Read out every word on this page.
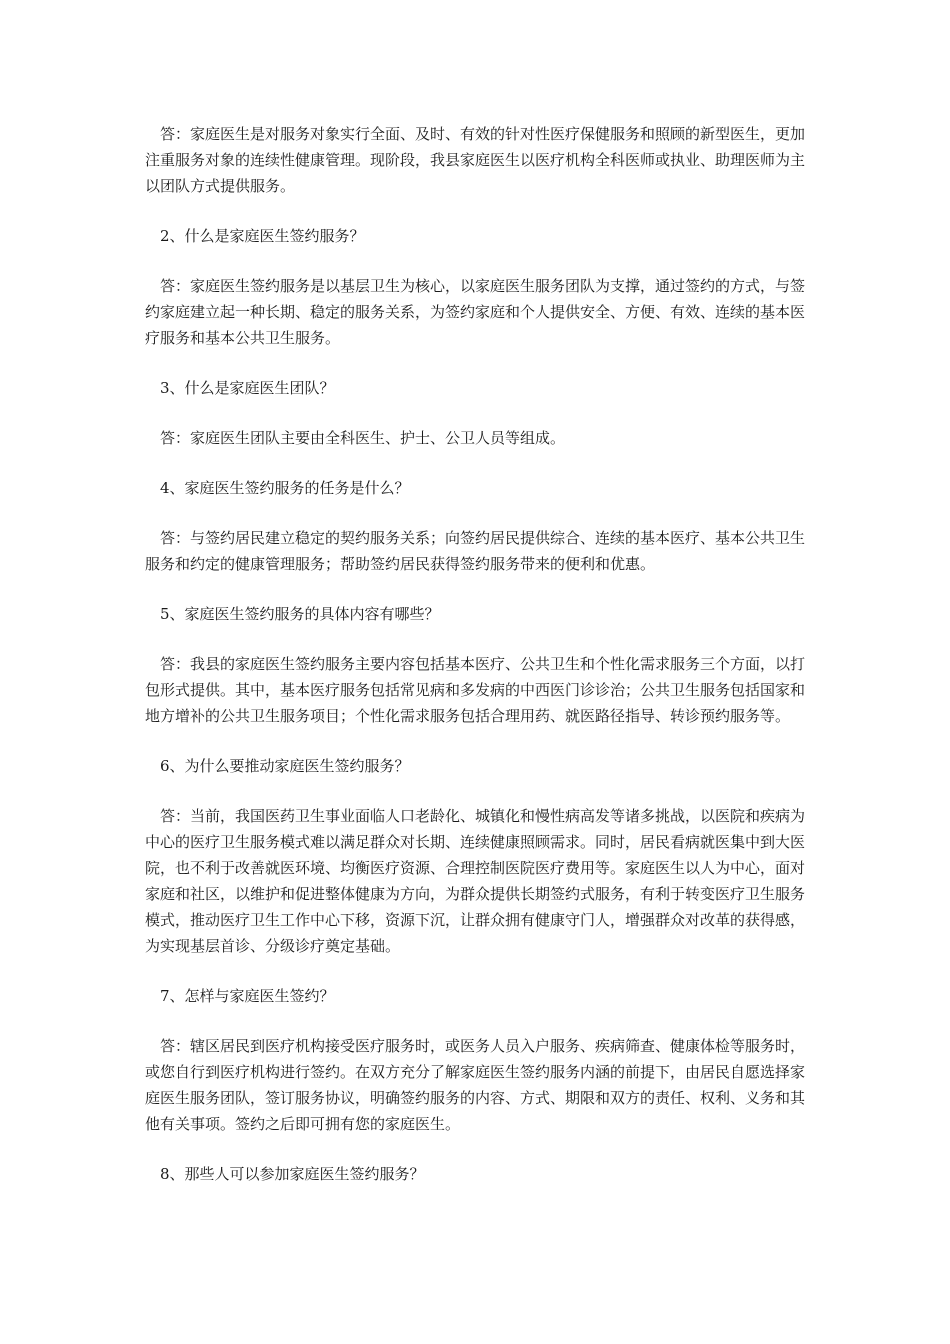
答：家庭医生是对服务对象实行全面、及时、有效的针对性医疗保健服务和照顾的新型医生，更加注重服务对象的连续性健康管理。现阶段，我县家庭医生以医疗机构全科医师或执业、助理医师为主以团队方式提供服务。

2、什么是家庭医生签约服务？

答：家庭医生签约服务是以基层卫生为核心，以家庭医生服务团队为支撑，通过签约的方式，与签约家庭建立起一种长期、稳定的服务关系，为签约家庭和个人提供安全、方便、有效、连续的基本医疗服务和基本公共卫生服务。

3、什么是家庭医生团队？

答：家庭医生团队主要由全科医生、护士、公卫人员等组成。

4、家庭医生签约服务的任务是什么？

答：与签约居民建立稳定的契约服务关系；向签约居民提供综合、连续的基本医疗、基本公共卫生服务和约定的健康管理服务；帮助签约居民获得签约服务带来的便利和优惠。

5、家庭医生签约服务的具体内容有哪些？

答：我县的家庭医生签约服务主要内容包括基本医疗、公共卫生和个性化需求服务三个方面，以打包形式提供。其中，基本医疗服务包括常见病和多发病的中西医门诊诊治；公共卫生服务包括国家和地方增补的公共卫生服务项目；个性化需求服务包括合理用药、就医路径指导、转诊预约服务等。

6、为什么要推动家庭医生签约服务？

答：当前，我国医药卫生事业面临人口老龄化、城镇化和慢性病高发等诸多挑战，以医院和疾病为中心的医疗卫生服务模式难以满足群众对长期、连续健康照顾需求。同时，居民看病就医集中到大医院，也不利于改善就医环境、均衡医疗资源、合理控制医院医疗费用等。家庭医生以人为中心，面对家庭和社区，以维护和促进整体健康为方向，为群众提供长期签约式服务，有利于转变医疗卫生服务模式，推动医疗卫生工作中心下移，资源下沉，让群众拥有健康守门人，增强群众对改革的获得感，为实现基层首诊、分级诊疗奠定基础。

7、怎样与家庭医生签约？

答：辖区居民到医疗机构接受医疗服务时，或医务人员入户服务、疾病筛查、健康体检等服务时，或您自行到医疗机构进行签约。在双方充分了解家庭医生签约服务内涵的前提下，由居民自愿选择家庭医生服务团队，签订服务协议，明确签约服务的内容、方式、期限和双方的责任、权利、义务和其他有关事项。签约之后即可拥有您的家庭医生。

8、那些人可以参加家庭医生签约服务？
